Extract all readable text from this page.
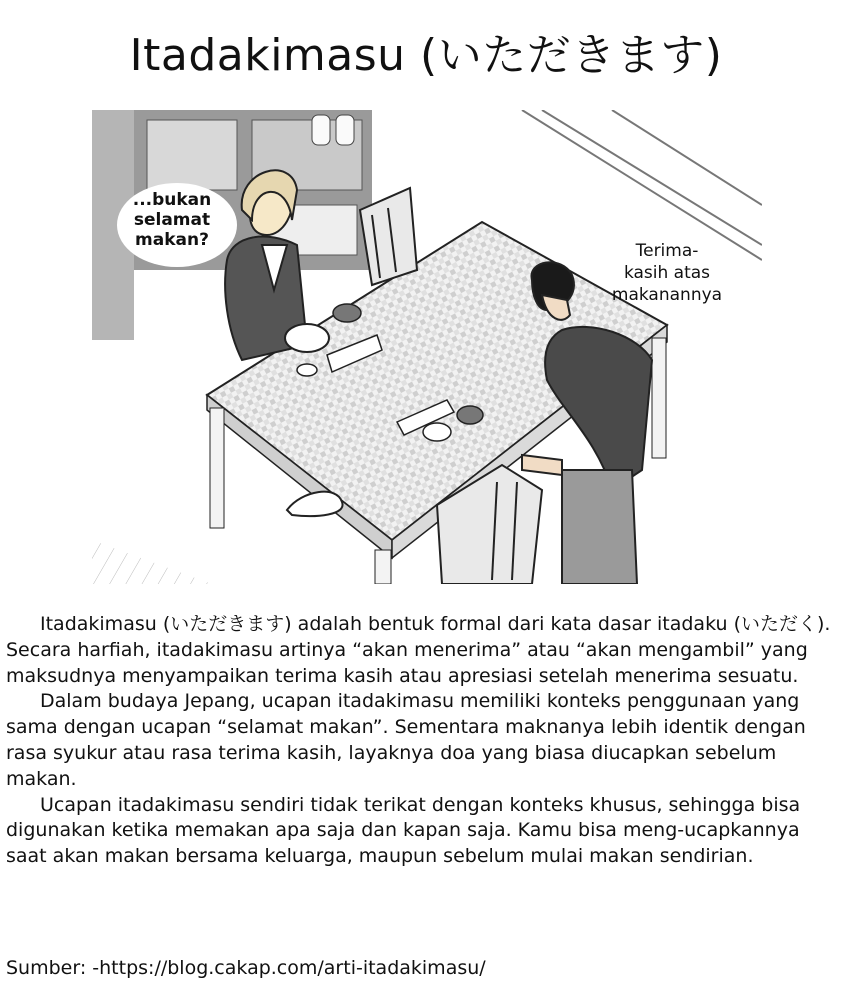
Itadakimasu (いただきます)
...bukan
selamat
makan?
Terima-
kasih atas
makanannya

Itadakimasu (いただきます) adalah bentuk formal dari kata dasar itadaku (いただく). Secara harfiah, itadakimasu artinya “akan menerima” atau “akan mengambil” yang maksudnya menyampaikan terima kasih atau apresiasi setelah menerima sesuatu.

Dalam budaya Jepang, ucapan itadakimasu memiliki konteks penggunaan yang sama dengan ucapan “selamat makan”. Sementara maknanya lebih identik dengan rasa syukur atau rasa terima kasih, layaknya doa yang biasa diucapkan sebelum makan.

Ucapan itadakimasu sendiri tidak terikat dengan konteks khusus, sehingga bisa digunakan ketika memakan apa saja dan kapan saja. Kamu bisa meng-ucapkannya saat akan makan bersama keluarga, maupun sebelum mulai makan sendirian.

Sumber: -https://blog.cakap.com/arti-itadakimasu/
